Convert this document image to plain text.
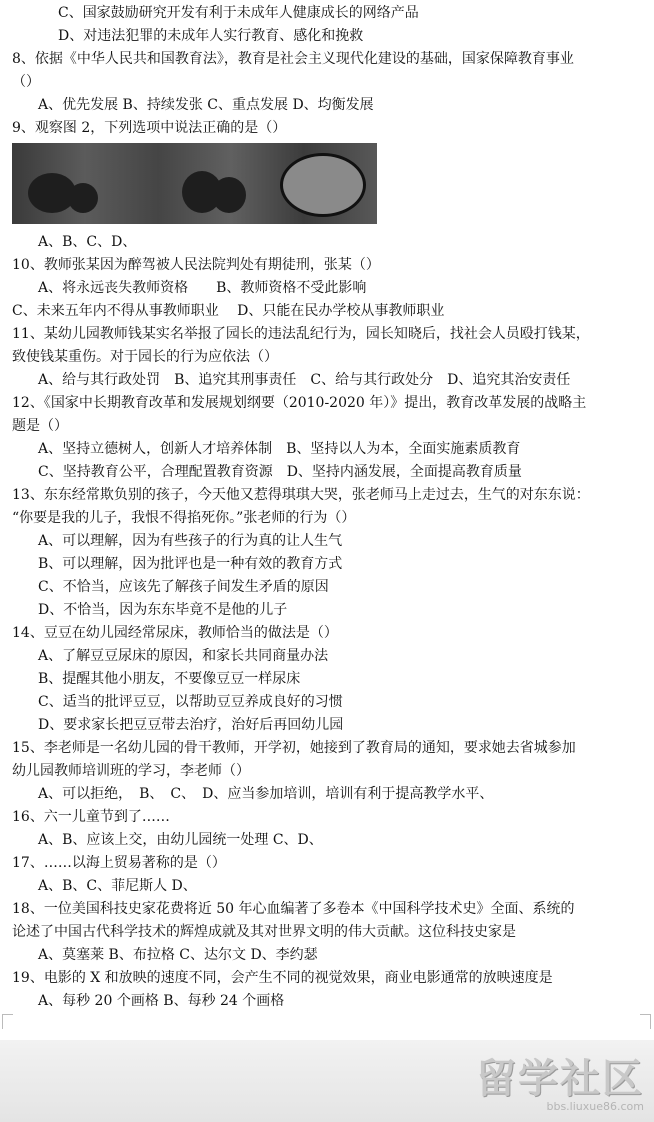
C、国家鼓励研究开发有利于未成年人健康成长的网络产品
D、对违法犯罪的未成年人实行教育、感化和挽救
8、依据《中华人民共和国教育法》，教育是社会主义现代化建设的基础，国家保障教育事业
（）
A、优先发展 B、持续发张 C、重点发展 D、均衡发展
9、观察图 2，下列选项中说法正确的是（）
A、B、C、D、
10、教师张某因为醉驾被人民法院判处有期徒刑，张某（）
A、将永远丧失教师资格　　B、教师资格不受此影响
C、未来五年内不得从事教师职业　 D、只能在民办学校从事教师职业
11、某幼儿园教师钱某实名举报了园长的违法乱纪行为，园长知晓后，找社会人员殴打钱某，
致使钱某重伤。对于园长的行为应依法（）
A、给与其行政处罚　B、追究其刑事责任　C、给与其行政处分　D、追究其治安责任
12、《国家中长期教育改革和发展规划纲要（2010-2020 年）》提出，教育改革发展的战略主
题是（）
A、坚持立德树人，创新人才培养体制　B、坚持以人为本，全面实施素质教育
C、坚持教育公平，合理配置教育资源　D、坚持内涵发展，全面提高教育质量
13、东东经常欺负别的孩子，今天他又惹得琪琪大哭，张老师马上走过去，生气的对东东说：
“你要是我的儿子，我恨不得掐死你。”张老师的行为（）
A、可以理解，因为有些孩子的行为真的让人生气
B、可以理解，因为批评也是一种有效的教育方式
C、不恰当，应该先了解孩子间发生矛盾的原因
D、不恰当，因为东东毕竟不是他的儿子
14、豆豆在幼儿园经常尿床，教师恰当的做法是（）
A、了解豆豆尿床的原因，和家长共同商量办法
B、提醒其他小朋友，不要像豆豆一样尿床
C、适当的批评豆豆，以帮助豆豆养成良好的习惯
D、要求家长把豆豆带去治疗，治好后再回幼儿园
15、李老师是一名幼儿园的骨干教师，开学初，她接到了教育局的通知，要求她去省城参加
幼儿园教师培训班的学习，李老师（）
A、可以拒绝，　B、　C、　D、应当参加培训，培训有利于提高教学水平、
16、六一儿童节到了……
A、B、应该上交，由幼儿园统一处理 C、D、
17、……以海上贸易著称的是（）
A、B、C、菲尼斯人 D、
18、一位美国科技史家花费将近 50 年心血编著了多卷本《中国科学技术史》全面、系统的
论述了中国古代科学技术的辉煌成就及其对世界文明的伟大贡献。这位科技史家是
A、莫塞莱 B、布拉格 C、达尔文 D、李约瑟
19、电影的 X 和放映的速度不同，会产生不同的视觉效果，商业电影通常的放映速度是
A、每秒 20 个画格 B、每秒 24 个画格
留学社区
bbs.liuxue86.com
